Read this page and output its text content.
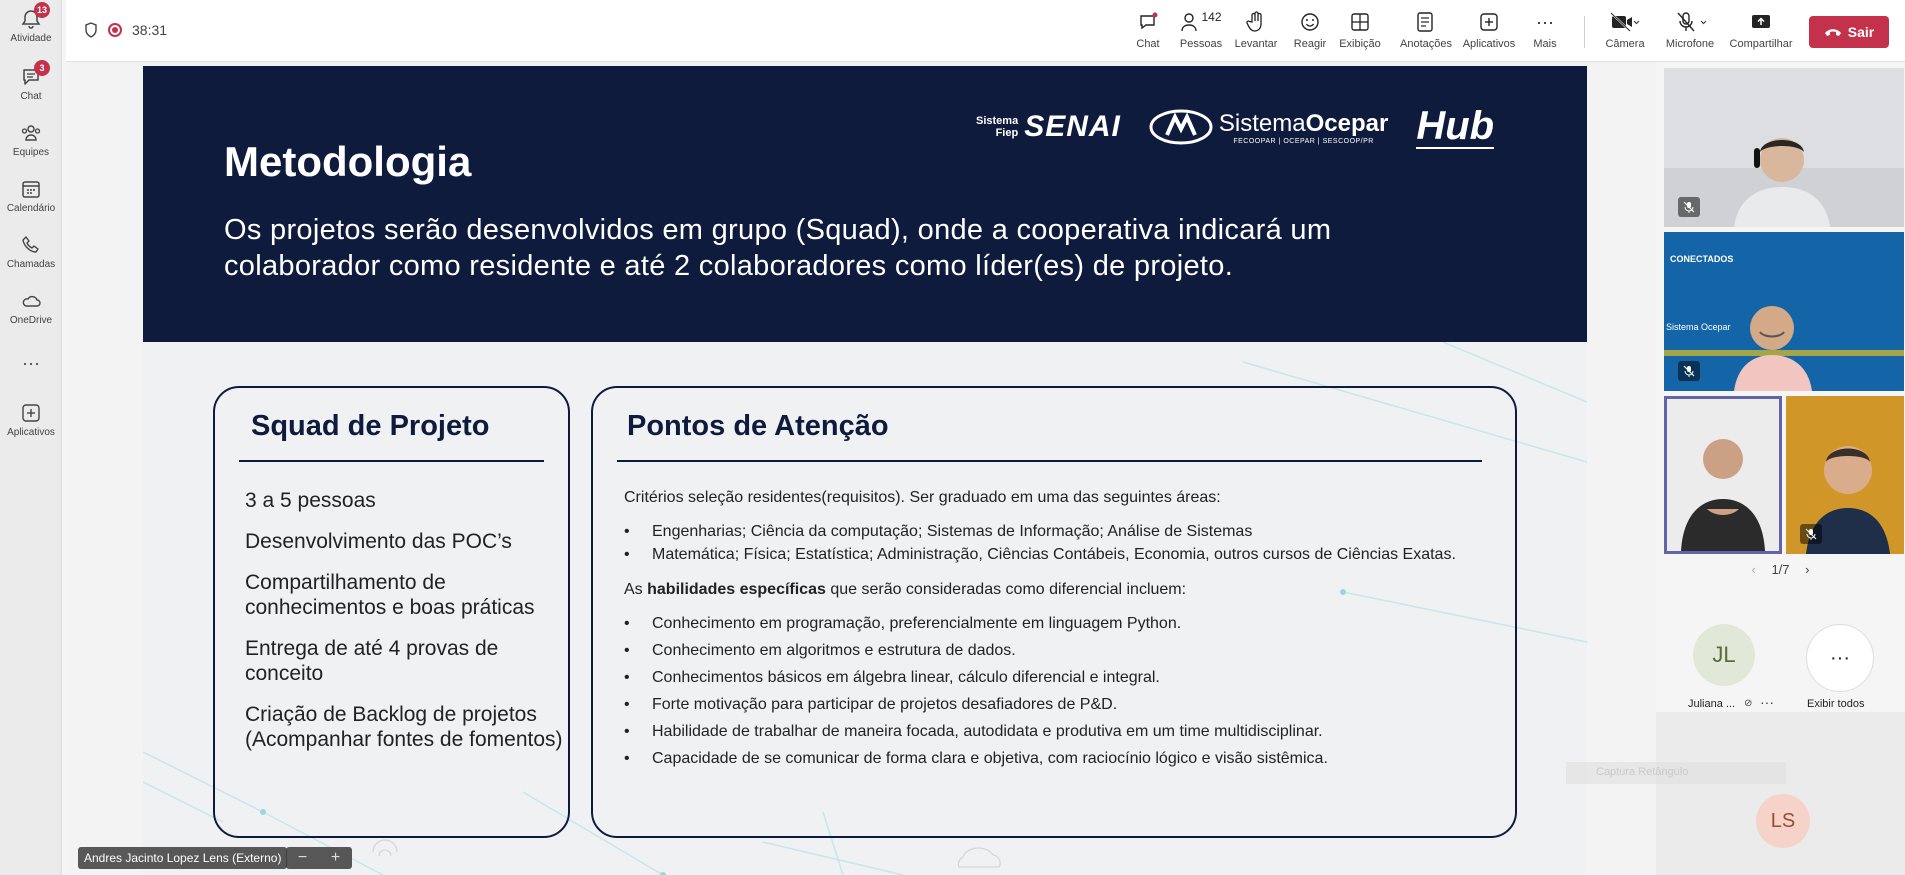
13
Atividade
3
Chat
Equipes
Calendário
Chamadas
OneDrive
···
Aplicativos
38:31
Chat
142
Pessoas	Levantar	Reagir	Exibição Anotações Aplicativos
···
Mais	Câmera	Microfone	Compartilhar
Sair
Metodologia
Os projetos serão desenvolvidos em grupo (Squad), onde a cooperativa indicará um colaborador como residente e até 2 colaboradores como líder(es) de projeto.
Sistema
Fiep SENAI	SistemaOcepar
FECOOPAR | OCEPAR | SESCOOP/PR	Hub
Squad de Projeto
3 a 5 pessoas
Desenvolvimento das POC’s
Compartilhamento de conhecimentos e boas práticas
Entrega de até 4 provas de conceito
Criação de Backlog de projetos (Acompanhar fontes de fomentos)
Pontos de Atenção
Critérios seleção residentes(requisitos). Ser graduado em uma das seguintes áreas:
• Engenharias; Ciência da computação; Sistemas de Informação; Análise de Sistemas
• Matemática; Física; Estatística; Administração, Ciências Contábeis, Economia, outros cursos de Ciências Exatas.
As habilidades específicas que serão consideradas como diferencial incluem:
• Conhecimento em programação, preferencialmente em linguagem Python.
• Conhecimento em algoritmos e estrutura de dados.
• Conhecimentos básicos em álgebra linear, cálculo diferencial e integral.
• Forte motivação para participar de projetos desafiadores de P&D.
• Habilidade de trabalhar de maneira focada, autodidata e produtiva em um time multidisciplinar.
• Capacidade de se comunicar de forma clara e objetiva, com raciocínio lógico e visão sistêmica.
CONECTADOS
Sistema Ocepar
‹ 1/7 ›
JL
Juliana ... ⊘ ···
···
Exibir todos
Captura Retângulo
LS
Andres Jacinto Lopez Lens (Externo)	− +
